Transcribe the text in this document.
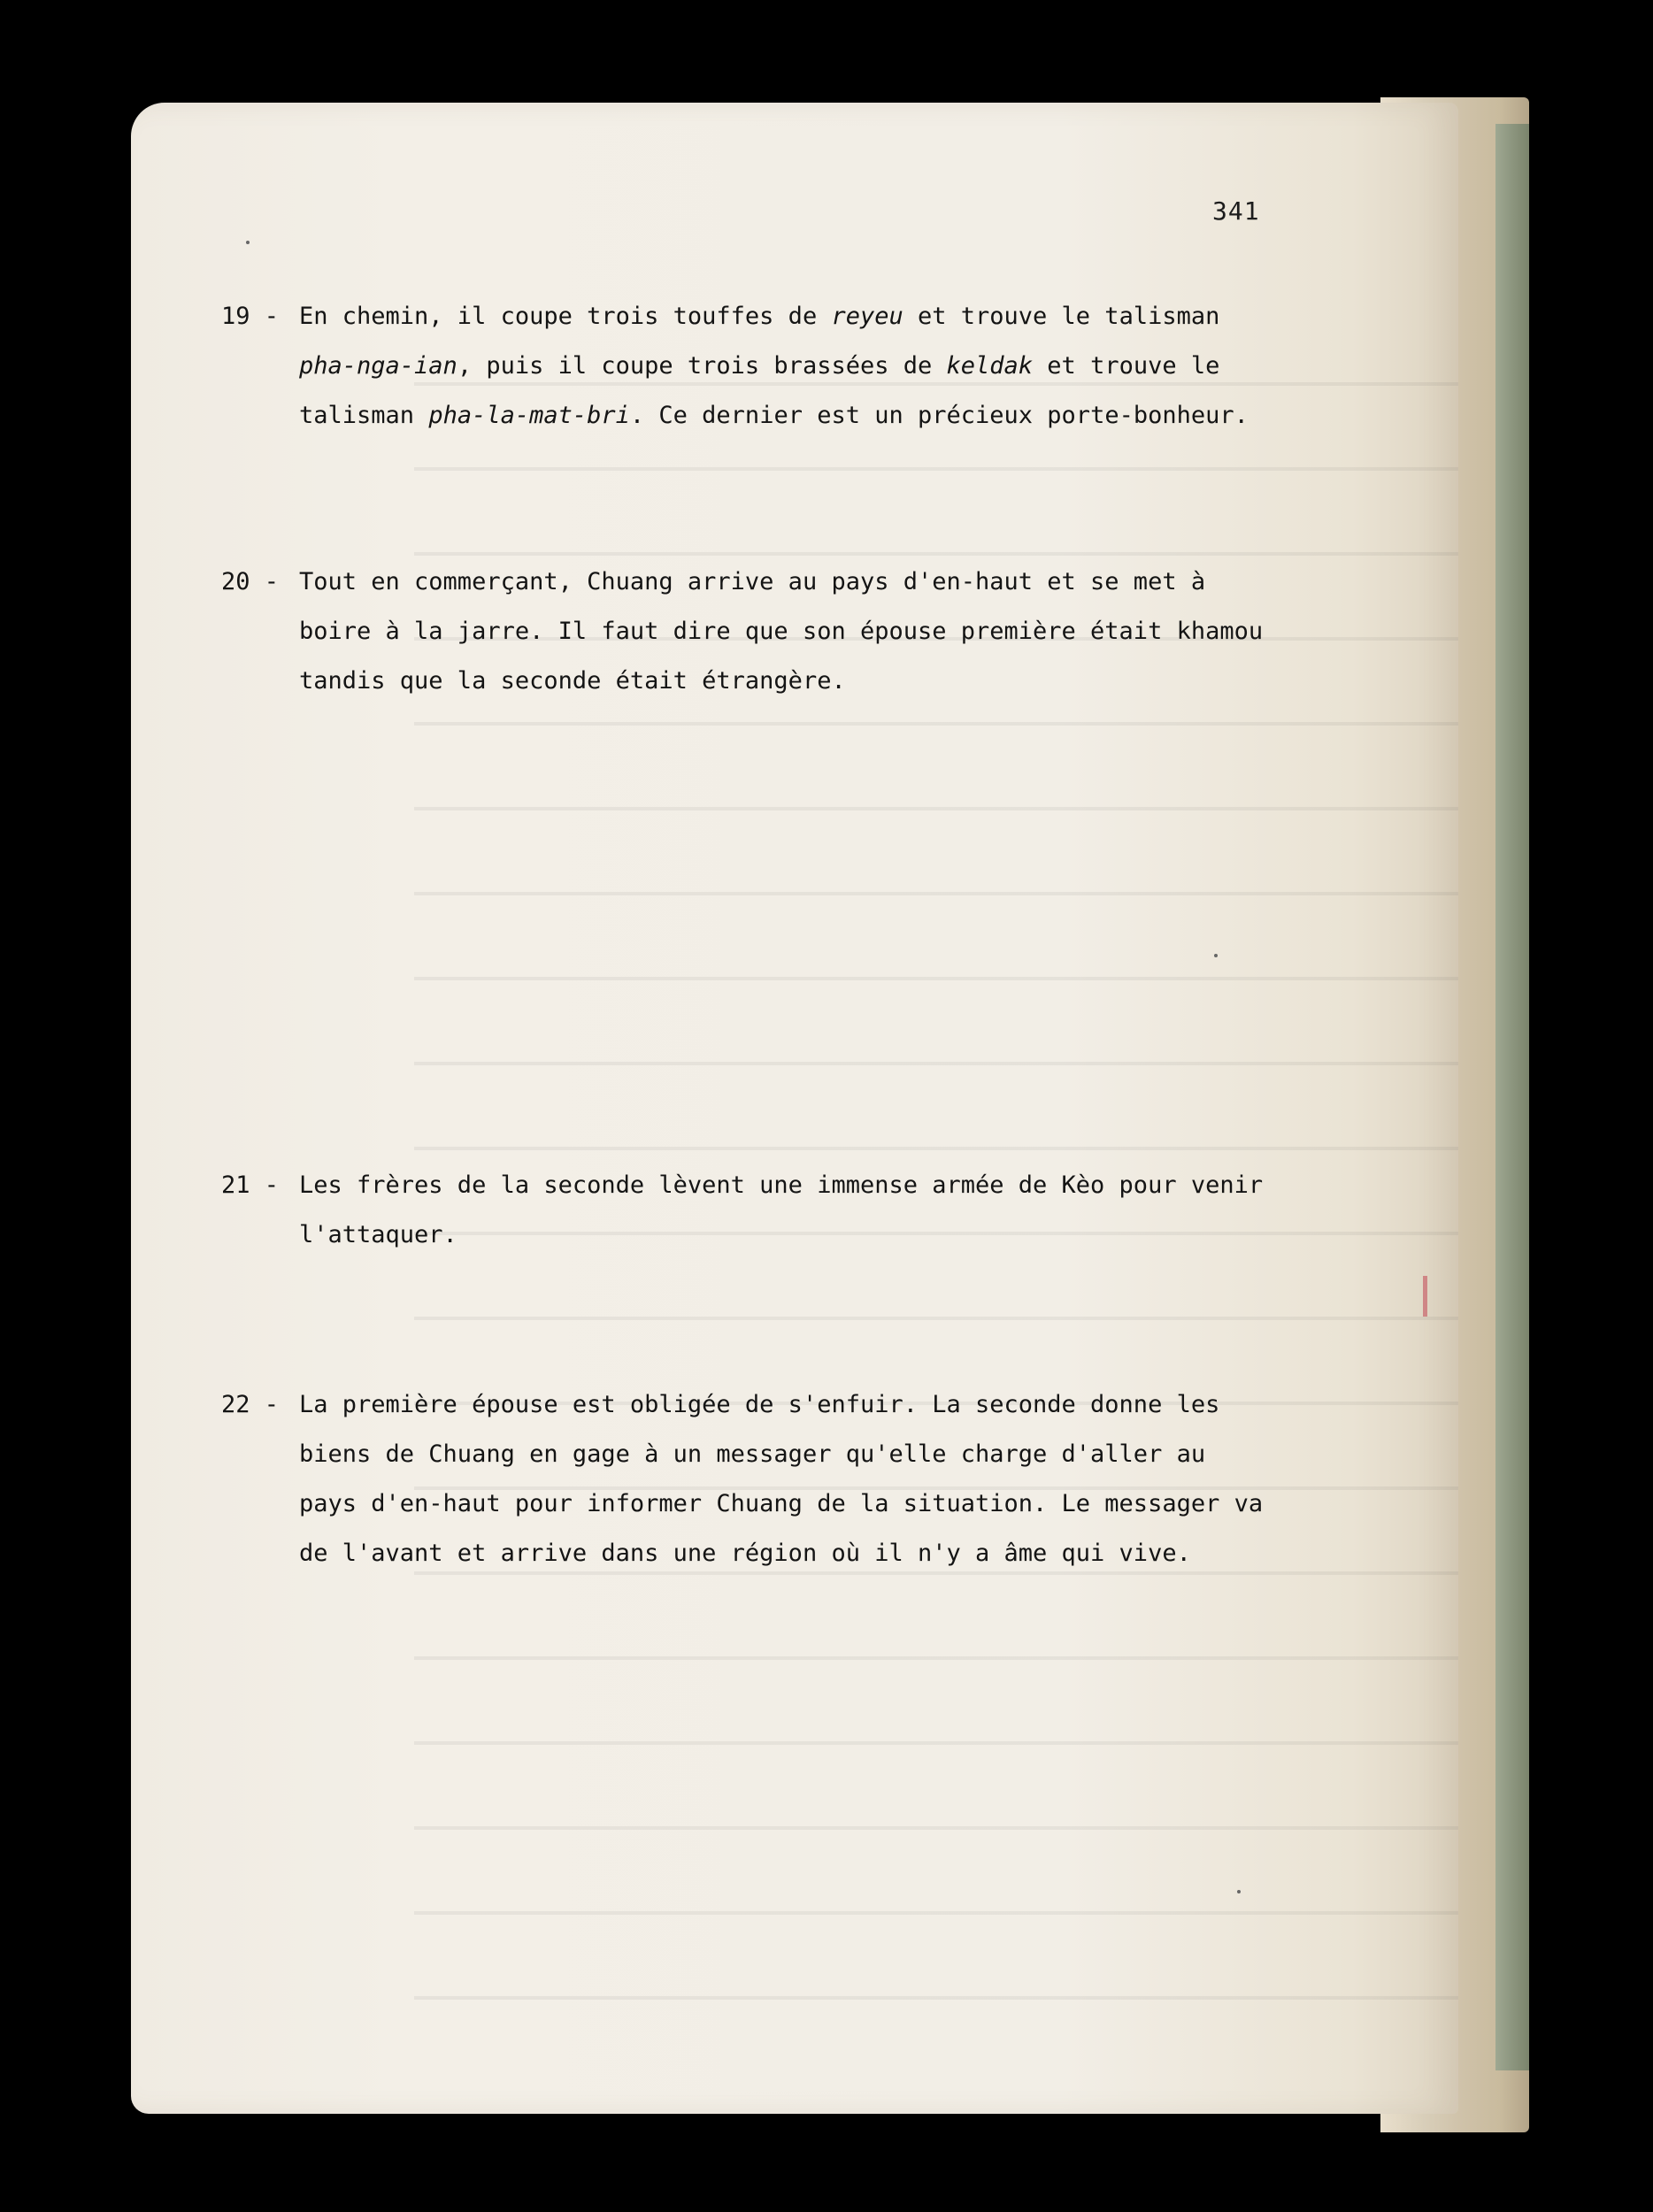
341
19 - En chemin, il coupe trois touffes de reyeu et trouve le talisman
pha-nga-ian, puis il coupe trois brassées de keldak et trouve le
talisman pha-la-mat-bri. Ce dernier est un précieux porte-bonheur.
20 - Tout en commerçant, Chuang arrive au pays d'en-haut et se met à
boire à la jarre. Il faut dire que son épouse première était khamou
tandis que la seconde était étrangère.
21 - Les frères de la seconde lèvent une immense armée de Kèo pour venir
l'attaquer.
22 - La première épouse est obligée de s'enfuir. La seconde donne les
biens de Chuang en gage à un messager qu'elle charge d'aller au
pays d'en-haut pour informer Chuang de la situation. Le messager va
de l'avant et arrive dans une région où il n'y a âme qui vive.
